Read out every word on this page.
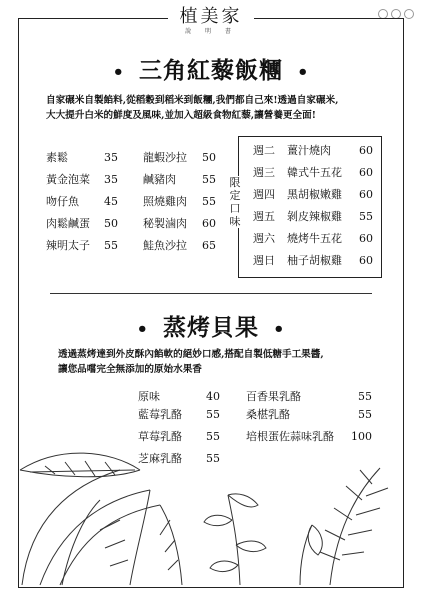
植美家
說 明 書
• 三角紅藜飯糰 •
自家碾米自製餡料,從稻穀到稻米到飯糰,我們都自己來!透過自家碾米,
大大提升白米的鮮度及風味,並加入超級食物紅藜,讓營養更全面!
素鬆	35
黃金泡菜	35
吻仔魚	45
肉鬆鹹蛋	50
辣明太子	55
龍蝦沙拉	50
鹹豬肉	55
照燒雞肉	55
秘製滷肉	60
鮭魚沙拉	65
週二 薑汁燒肉	60
週三 韓式牛五花 60
週四 黑胡椒嫩雞 60
週五 剝皮辣椒雞 55
週六 燒烤牛五花 60
週日 柚子胡椒雞 60
限定口味
• 蒸烤貝果 •
透過蒸烤達到外皮酥內餡軟的絕妙口感,搭配自製低糖手工果醬,
讓您品嚐完全無添加的原始水果香
原味	40
藍莓乳酪	55
草莓乳酪	55
芝麻乳酪	55
百香果乳酪	55
桑椹乳酪	55
培根蛋佐蒜味乳酪	100
